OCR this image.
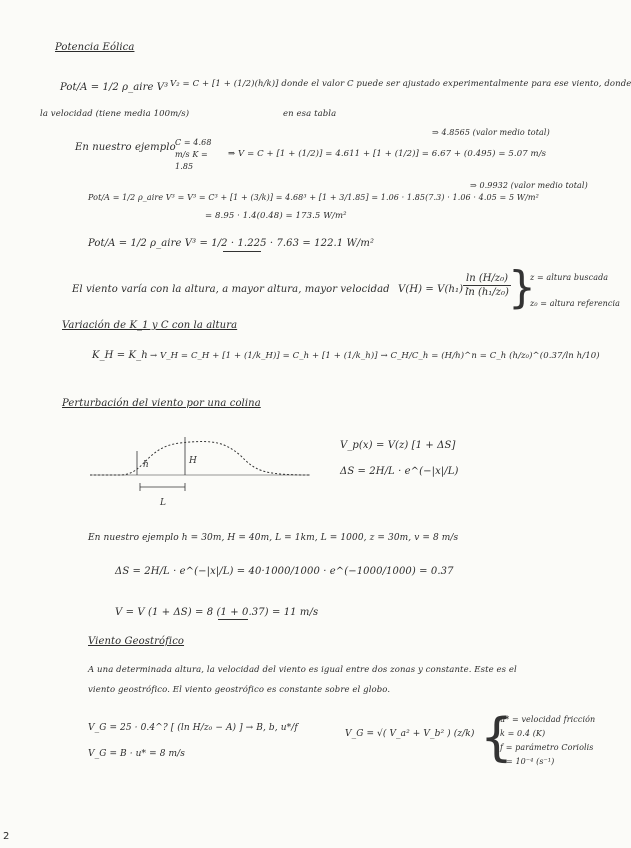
Potencia Eólica
Pot/A = 1/2 ρ_aire V³ V₂ = C + [1 + (1/2)(h/k)] donde el valor C puede ser ajustado experimentalmente para ese viento, donde
la velocidad (tiene media 100m/s)	en esa tabla
⇒ 4.8565 (valor medio total)
En nuestro ejemplo C = 4.68 m/s K = 1.85
⇒ V = C + [1 + (1/2)] = 4.611 + [1 + (1/2)] = 6.67 + (0.495) = 5.07 m/s
⇒ 0.9932 (valor medio total)
Pot/A = 1/2 ρ_aire V³ = V³ = C³ + [1 + (3/k)] = 4.68³ + [1 + 3/1.85] = 1.06 · 1.85(7.3) · 1.06 · 4.05 = 5 W/m²
= 8.95 · 1.4(0.48) = 173.5 W/m²
Pot/A = 1/2 ρ_aire V³ = 1/2 · 1.225 · 7.63 = 122.1 W/m²
El viento varía con la altura, a mayor altura, mayor velocidad V(H) = V(h₁) ·
ln (H/z₀)
ln (h₁/z₀) }
z = altura buscada
z₀ = altura referencia
Variación de K_1 y C con la altura
K_H = K_h → V_H = C_H + [1 + (1/k_H)] = C_h + [1 + (1/k_h)] → C_H/C_h = (H/h)^n = C_h (h/z₀)^(0.37/ln h/10)
Perturbación del viento por una colina
h	H
L
V_p(x) = V(z) [1 + ΔS]
ΔS = 2H/L · e^(−|x|/L)
En nuestro ejemplo h = 30m, H = 40m, L = 1km, L = 1000, z = 30m, v = 8 m/s
ΔS = 2H/L · e^(−|x|/L) = 40·1000/1000 · e^(−1000/1000) = 0.37
V = V (1 + ΔS) = 8 (1 + 0.37) = 11 m/s
Viento Geostrófico
A una determinada altura, la velocidad del viento es igual entre dos zonas y constante. Este es el
viento geostrófico. El viento geostrófico es constante sobre el globo.
V_G = 25 · 0.4^? [ (ln H/z₀ − A) ] → B, b, u*/f
V_G = √( V_a² + V_b² ) (z/k) {
u* = velocidad fricción
k = 0.4 (K)
f = parámetro Coriolis
= 10⁻⁴ (s⁻¹)
V_G = B · u* = 8 m/s
2
